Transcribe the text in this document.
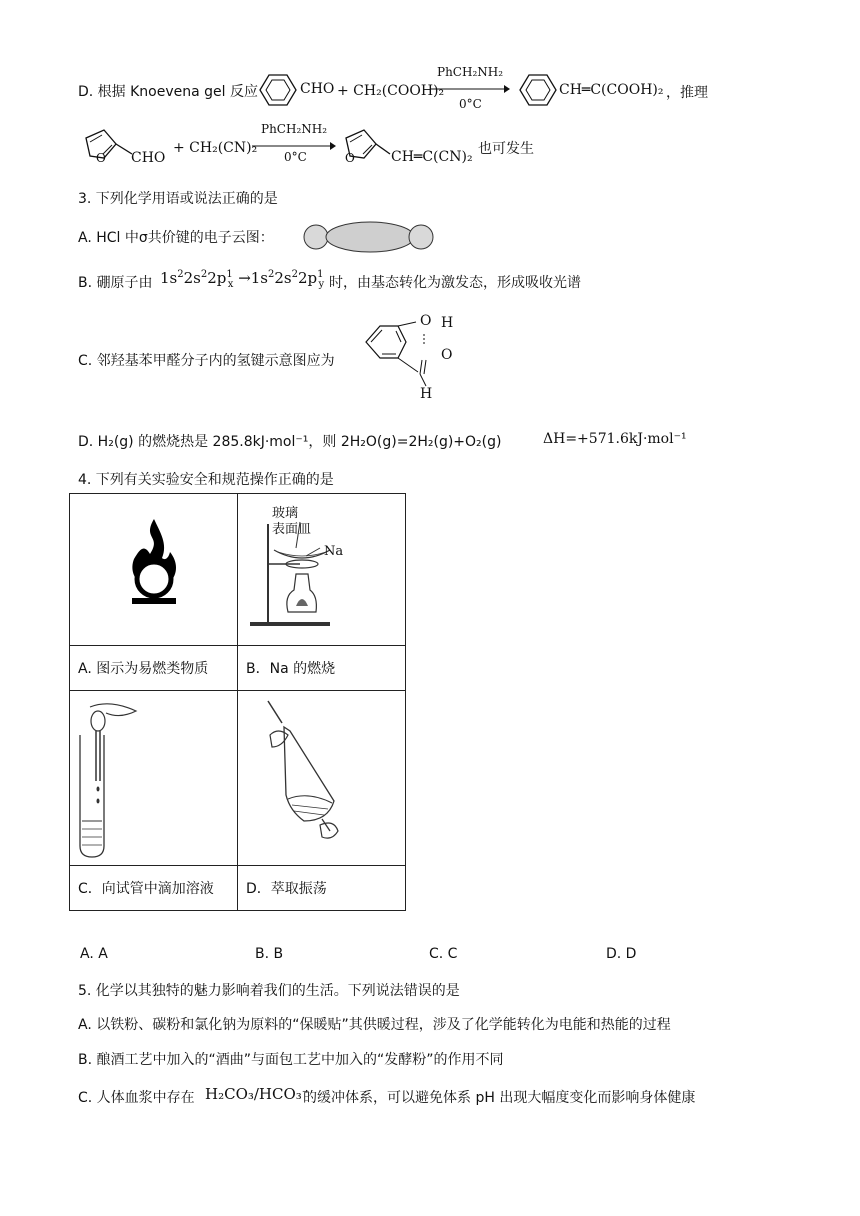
D. 根据 Knoevena gel 反应	CHO + CH₂(COOH)₂
PhCH₂NH₂
0°C
CH═C(COOH)₂ ，推理
O CHO
+ CH₂(CN)₂
PhCH₂NH₂
0°C	O	CH═C(CN)₂ 也可发生
3. 下列化学用语或说法正确的是
A. HCl 中σ共价键的电子云图：
B. 硼原子由 $1s^22s^22p^1_x \to 1s^22s^22p^1_y$ 时，由基态转化为激发态，形成吸收光谱
C. 邻羟基苯甲醛分子内的氢键示意图应为
O H
O
H
D. H₂(g) 的燃烧热是 285.8kJ·mol⁻¹，则 2H₂O(g)=2H₂(g)+O₂(g)	ΔH=+571.6kJ·mol⁻¹
4. 下列有关实验安全和规范操作正确的是

玻璃
表面皿
Na

A. 图示为易燃类物质	B．Na 的燃烧

C．向试管中滴加溶液	D．萃取振荡
A. A	B. B	C. C	D. D
5. 化学以其独特的魅力影响着我们的生活。下列说法错误的是
A. 以铁粉、碳粉和氯化钠为原料的“保暖贴”其供暖过程，涉及了化学能转化为电能和热能的过程
B. 酿酒工艺中加入的“酒曲”与面包工艺中加入的“发酵粉”的作用不同
C. 人体血浆中存在 H₂CO₃/HCO₃⁻
的缓冲体系，可以避免体系 pH 出现大幅度变化而影响身体健康
